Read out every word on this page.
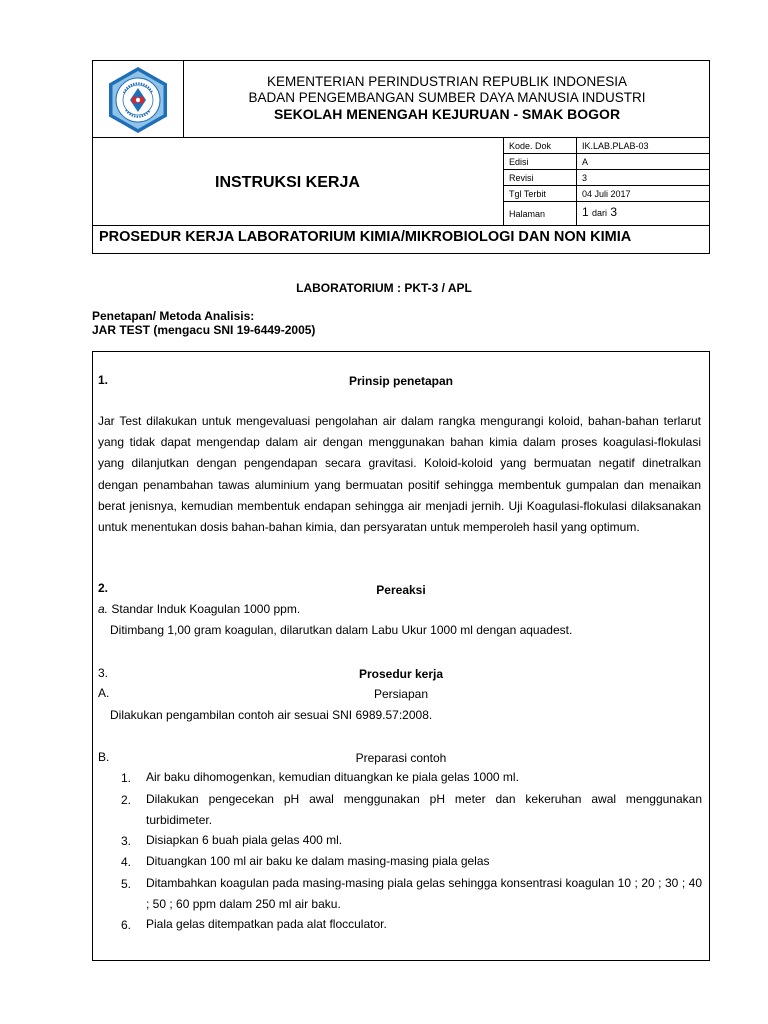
KEMENTERIAN PERINDUSTRIAN REPUBLIK INDONESIA
BADAN PENGEMBANGAN SUMBER DAYA MANUSIA INDUSTRI
SEKOLAH MENENGAH KEJURUAN - SMAK BOGOR
INSTRUKSI KERJA
Kode. Dok	IK.LAB.PLAB-03
Edisi	A
Revisi	3
Tgl Terbit	04 Juli 2017
Halaman	1 dari 3
PROSEDUR KERJA LABORATORIUM KIMIA/MIKROBIOLOGI DAN NON KIMIA
LABORATORIUM : PKT-3 / APL
Penetapan/ Metoda Analisis:
JAR TEST (mengacu SNI 19-6449-2005)
1.	Prinsip penetapan
Jar Test dilakukan untuk mengevaluasi pengolahan air dalam rangka mengurangi koloid, bahan-bahan terlarut yang tidak dapat mengendap dalam air dengan menggunakan bahan kimia dalam proses koagulasi-flokulasi yang dilanjutkan dengan pengendapan secara gravitasi. Koloid-koloid yang bermuatan negatif dinetralkan dengan penambahan tawas aluminium yang bermuatan positif sehingga membentuk gumpalan dan menaikan berat jenisnya, kemudian membentuk endapan sehingga air menjadi jernih. Uji Koagulasi-flokulasi dilaksanakan untuk menentukan dosis bahan-bahan kimia, dan persyaratan untuk memperoleh hasil yang optimum.
2.	Pereaksi
a. Standar Induk Koagulan 1000 ppm.
Ditimbang 1,00 gram koagulan, dilarutkan dalam Labu Ukur 1000 ml dengan aquadest.
3.	Prosedur kerja
A.	Persiapan
Dilakukan pengambilan contoh air sesuai SNI 6989.57:2008.
B.	Preparasi contoh
1. Air baku dihomogenkan, kemudian dituangkan ke piala gelas 1000 ml.
2. Dilakukan pengecekan pH awal menggunakan pH meter dan kekeruhan awal menggunakan turbidimeter.
3. Disiapkan 6 buah piala gelas 400 ml.
4. Dituangkan 100 ml air baku ke dalam masing-masing piala gelas
5. Ditambahkan koagulan pada masing-masing piala gelas sehingga konsentrasi koagulan 10 ; 20 ; 30 ; 40 ; 50 ; 60 ppm dalam 250 ml air baku.
6. Piala gelas ditempatkan pada alat flocculator.
